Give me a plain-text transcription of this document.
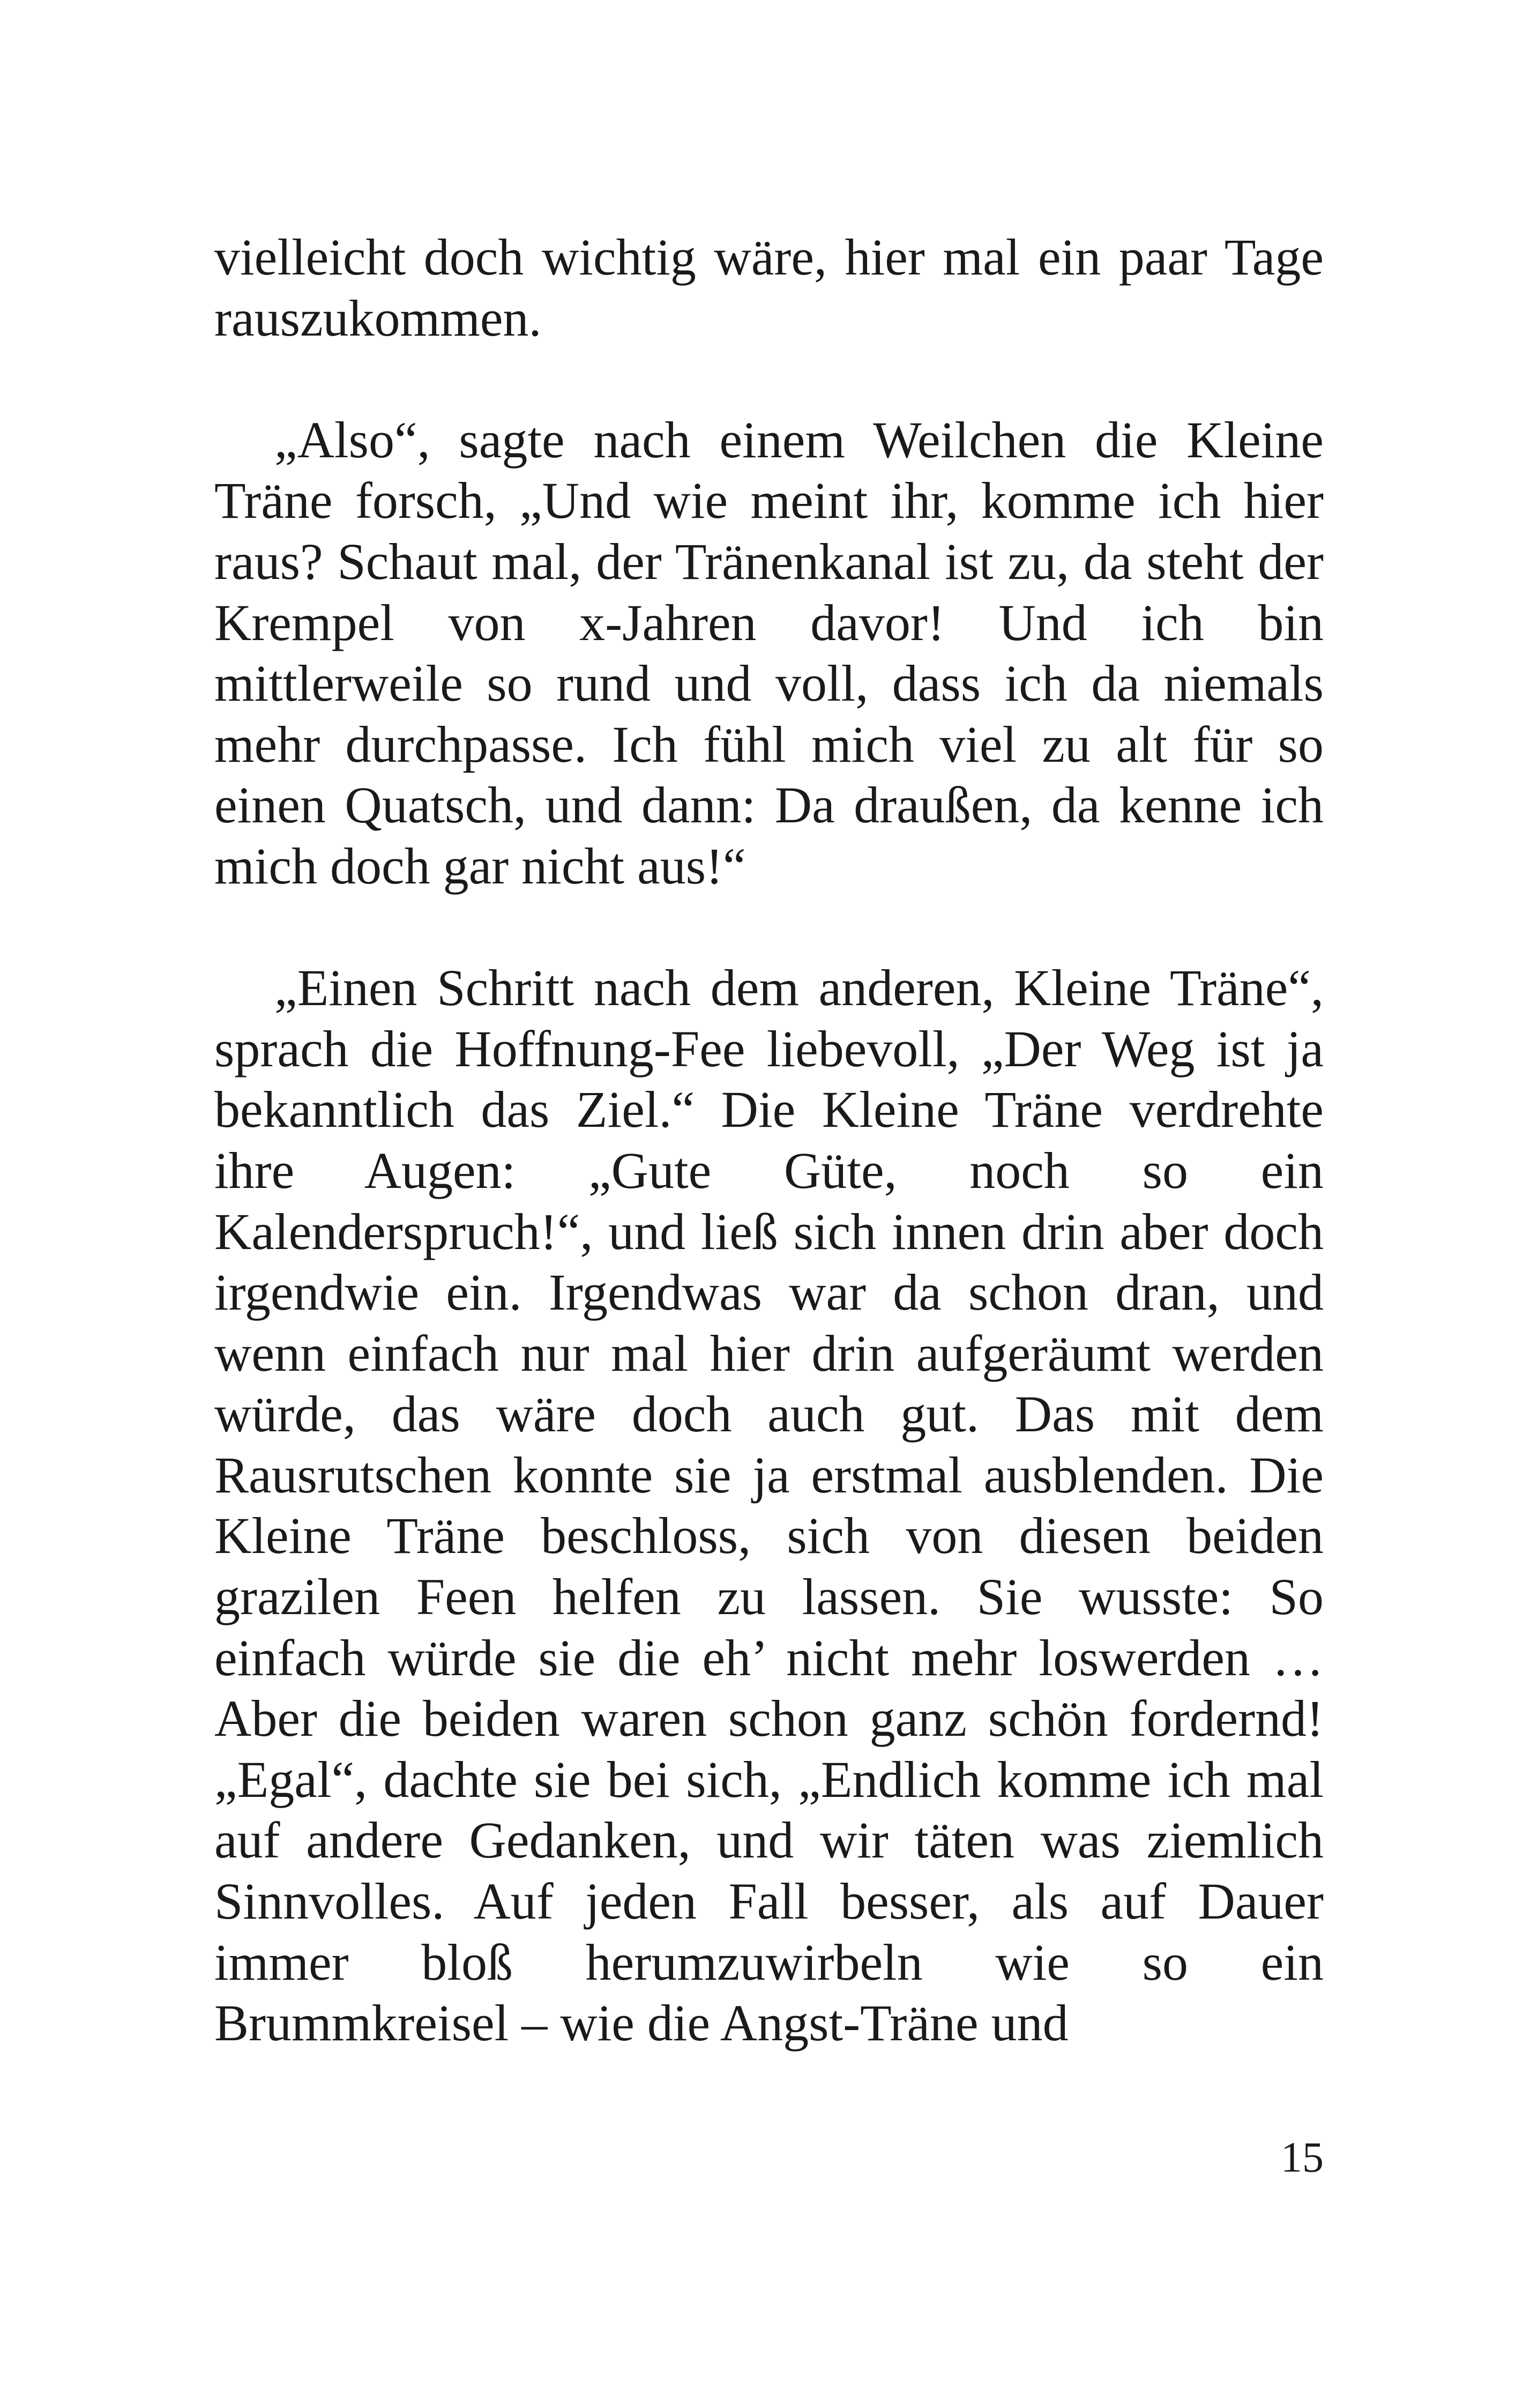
vielleicht doch wichtig wäre, hier mal ein paar Tage rauszukommen.

„Also“, sagte nach einem Weilchen die Kleine Träne forsch, „Und wie meint ihr, komme ich hier raus? Schaut mal, der Tränenkanal ist zu, da steht der Krempel von x-Jahren davor! Und ich bin mittlerweile so rund und voll, dass ich da niemals mehr durchpasse. Ich fühl mich viel zu alt für so einen Quatsch, und dann: Da draußen, da kenne ich mich doch gar nicht aus!“

„Einen Schritt nach dem anderen, Kleine Träne“, sprach die Hoffnung-Fee liebevoll, „Der Weg ist ja bekanntlich das Ziel.“ Die Kleine Träne verdrehte ihre Augen: „Gute Güte, noch so ein Kalenderspruch!“, und ließ sich innen drin aber doch irgendwie ein. Irgendwas war da schon dran, und wenn einfach nur mal hier drin aufgeräumt werden würde, das wäre doch auch gut. Das mit dem Rausrutschen konnte sie ja erstmal ausblenden. Die Kleine Träne beschloss, sich von diesen beiden grazilen Feen helfen zu lassen. Sie wusste: So einfach würde sie die eh’ nicht mehr loswerden … Aber die beiden waren schon ganz schön fordernd! „Egal“, dachte sie bei sich, „Endlich komme ich mal auf andere Gedanken, und wir täten was ziemlich Sinnvolles. Auf jeden Fall besser, als auf Dauer immer bloß herumzuwirbeln wie so ein Brummkreisel – wie die Angst-Träne und

15
